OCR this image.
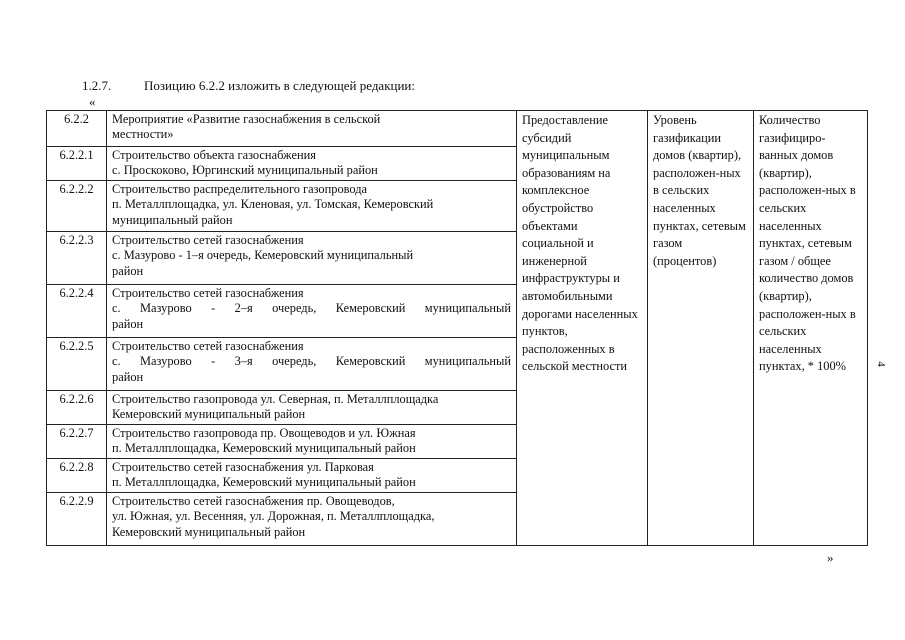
1.2.7.	Позицию 6.2.2 изложить в следующей редакции:
«
6.2.2	Мероприятие «Развитие газоснабжения в сельской
местности»	Предоставление субсидий муниципальным образованиям на комплексное обустройство объектами социальной и инженерной инфраструктуры и автомобильными дорогами населенных пунктов, расположенных в сельской местности	Уровень газификации домов (квартир), расположен-ных в сельских населенных пунктах, сетевым газом (процентов)	Количество газифициро-ванных домов (квартир), расположен-ных в сельских населенных пунктах, сетевым газом / общее количество домов (квартир), расположен-ных в сельских населенных пунктах, * 100%
6.2.2.1	Строительство объекта газоснабжения
с. Проскоково, Юргинский муниципальный район			

6.2.2.2	Строительство распределительного газопровода
п. Металлплощадка, ул. Кленовая, ул. Томская, Кемеровский
муниципальный район			

6.2.2.3	Строительство сетей газоснабжения
с. Мазурово - 1–я очередь, Кемеровский муниципальный
район			

6.2.2.4	Строительство сетей газоснабжения
с. Мазурово - 2–я очередь, Кемеровский муниципальный
район			

6.2.2.5	Строительство сетей газоснабжения
с. Мазурово - 3–я очередь, Кемеровский муниципальный
район			

6.2.2.6	Строительство газопровода ул. Северная, п. Металлплощадка
Кемеровский муниципальный район			

6.2.2.7	Строительство газопровода пр. Овощеводов и ул. Южная
п. Металлплощадка, Кемеровский муниципальный район			

6.2.2.8	Строительство сетей газоснабжения ул. Парковая
п. Металлплощадка, Кемеровский муниципальный район			

6.2.2.9	Строительство сетей газоснабжения пр. Овощеводов,
ул. Южная, ул. Весенняя, ул. Дорожная, п. Металлплощадка,
Кемеровский муниципальный район			
»
4
